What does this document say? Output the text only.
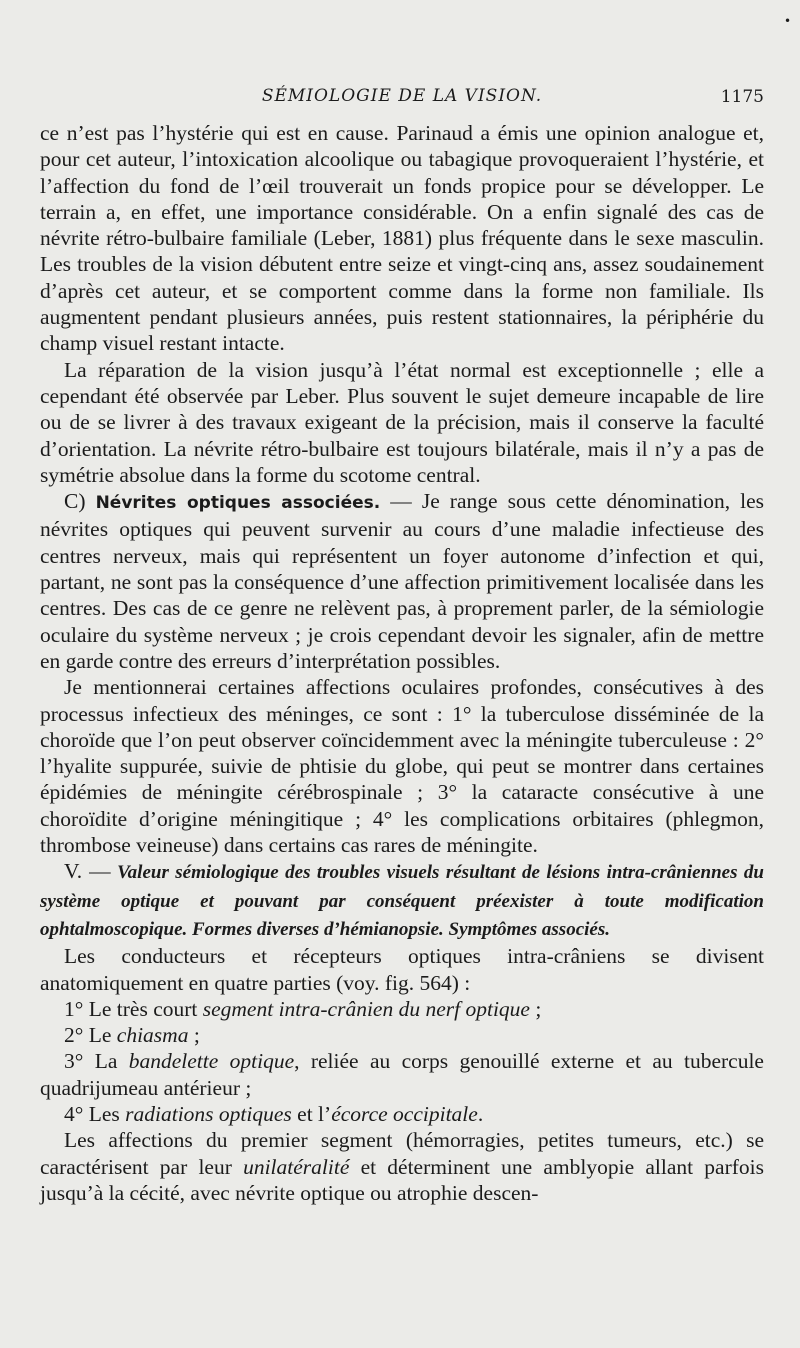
•
SÉMIOLOGIE DE LA VISION.	1175

ce n’est pas l’hystérie qui est en cause. Parinaud a émis une opinion analogue et, pour cet auteur, l’intoxication alcoolique ou tabagique provoqueraient l’hystérie, et l’affection du fond de l’œil trouverait un fonds propice pour se développer. Le terrain a, en effet, une importance considérable. On a enfin signalé des cas de névrite rétro-bulbaire familiale (Leber, 1881) plus fréquente dans le sexe masculin. Les troubles de la vision débutent entre seize et vingt-cinq ans, assez soudainement d’après cet auteur, et se comportent comme dans la forme non familiale. Ils augmentent pendant plusieurs années, puis restent stationnaires, la périphérie du champ visuel restant intacte.

La réparation de la vision jusqu’à l’état normal est exceptionnelle ; elle a cependant été observée par Leber. Plus souvent le sujet demeure incapable de lire ou de se livrer à des travaux exigeant de la précision, mais il conserve la faculté d’orientation. La névrite rétro-bulbaire est toujours bilatérale, mais il n’y a pas de symétrie absolue dans la forme du scotome central.

C) Névrites optiques associées. — Je range sous cette dénomination, les névrites optiques qui peuvent survenir au cours d’une maladie infectieuse des centres nerveux, mais qui représentent un foyer autonome d’infection et qui, partant, ne sont pas la conséquence d’une affection primitivement localisée dans les centres. Des cas de ce genre ne relèvent pas, à proprement parler, de la sémiologie oculaire du système nerveux ; je crois cependant devoir les signaler, afin de mettre en garde contre des erreurs d’interprétation possibles.

Je mentionnerai certaines affections oculaires profondes, consécutives à des processus infectieux des méninges, ce sont : 1° la tuberculose disséminée de la choroïde que l’on peut observer coïncidemment avec la méningite tuberculeuse : 2° l’hyalite suppurée, suivie de phtisie du globe, qui peut se montrer dans certaines épidémies de méningite cérébrospinale ; 3° la cataracte consécutive à une choroïdite d’origine méningitique ; 4° les complications orbitaires (phlegmon, thrombose veineuse) dans certains cas rares de méningite.

V. — Valeur sémiologique des troubles visuels résultant de lésions intra-crâniennes du système optique et pouvant par conséquent préexister à toute modification ophtalmoscopique. Formes diverses d’hémianopsie. Symptômes associés.

Les conducteurs et récepteurs optiques intra-crâniens se divisent anatomiquement en quatre parties (voy. fig. 564) :

1° Le très court segment intra-crânien du nerf optique ;

2° Le chiasma ;

3° La bandelette optique, reliée au corps genouillé externe et au tubercule quadrijumeau antérieur ;

4° Les radiations optiques et l’écorce occipitale.

Les affections du premier segment (hémorragies, petites tumeurs, etc.) se caractérisent par leur unilatéralité et déterminent une amblyopie allant parfois jusqu’à la cécité, avec névrite optique ou atrophie descen-
